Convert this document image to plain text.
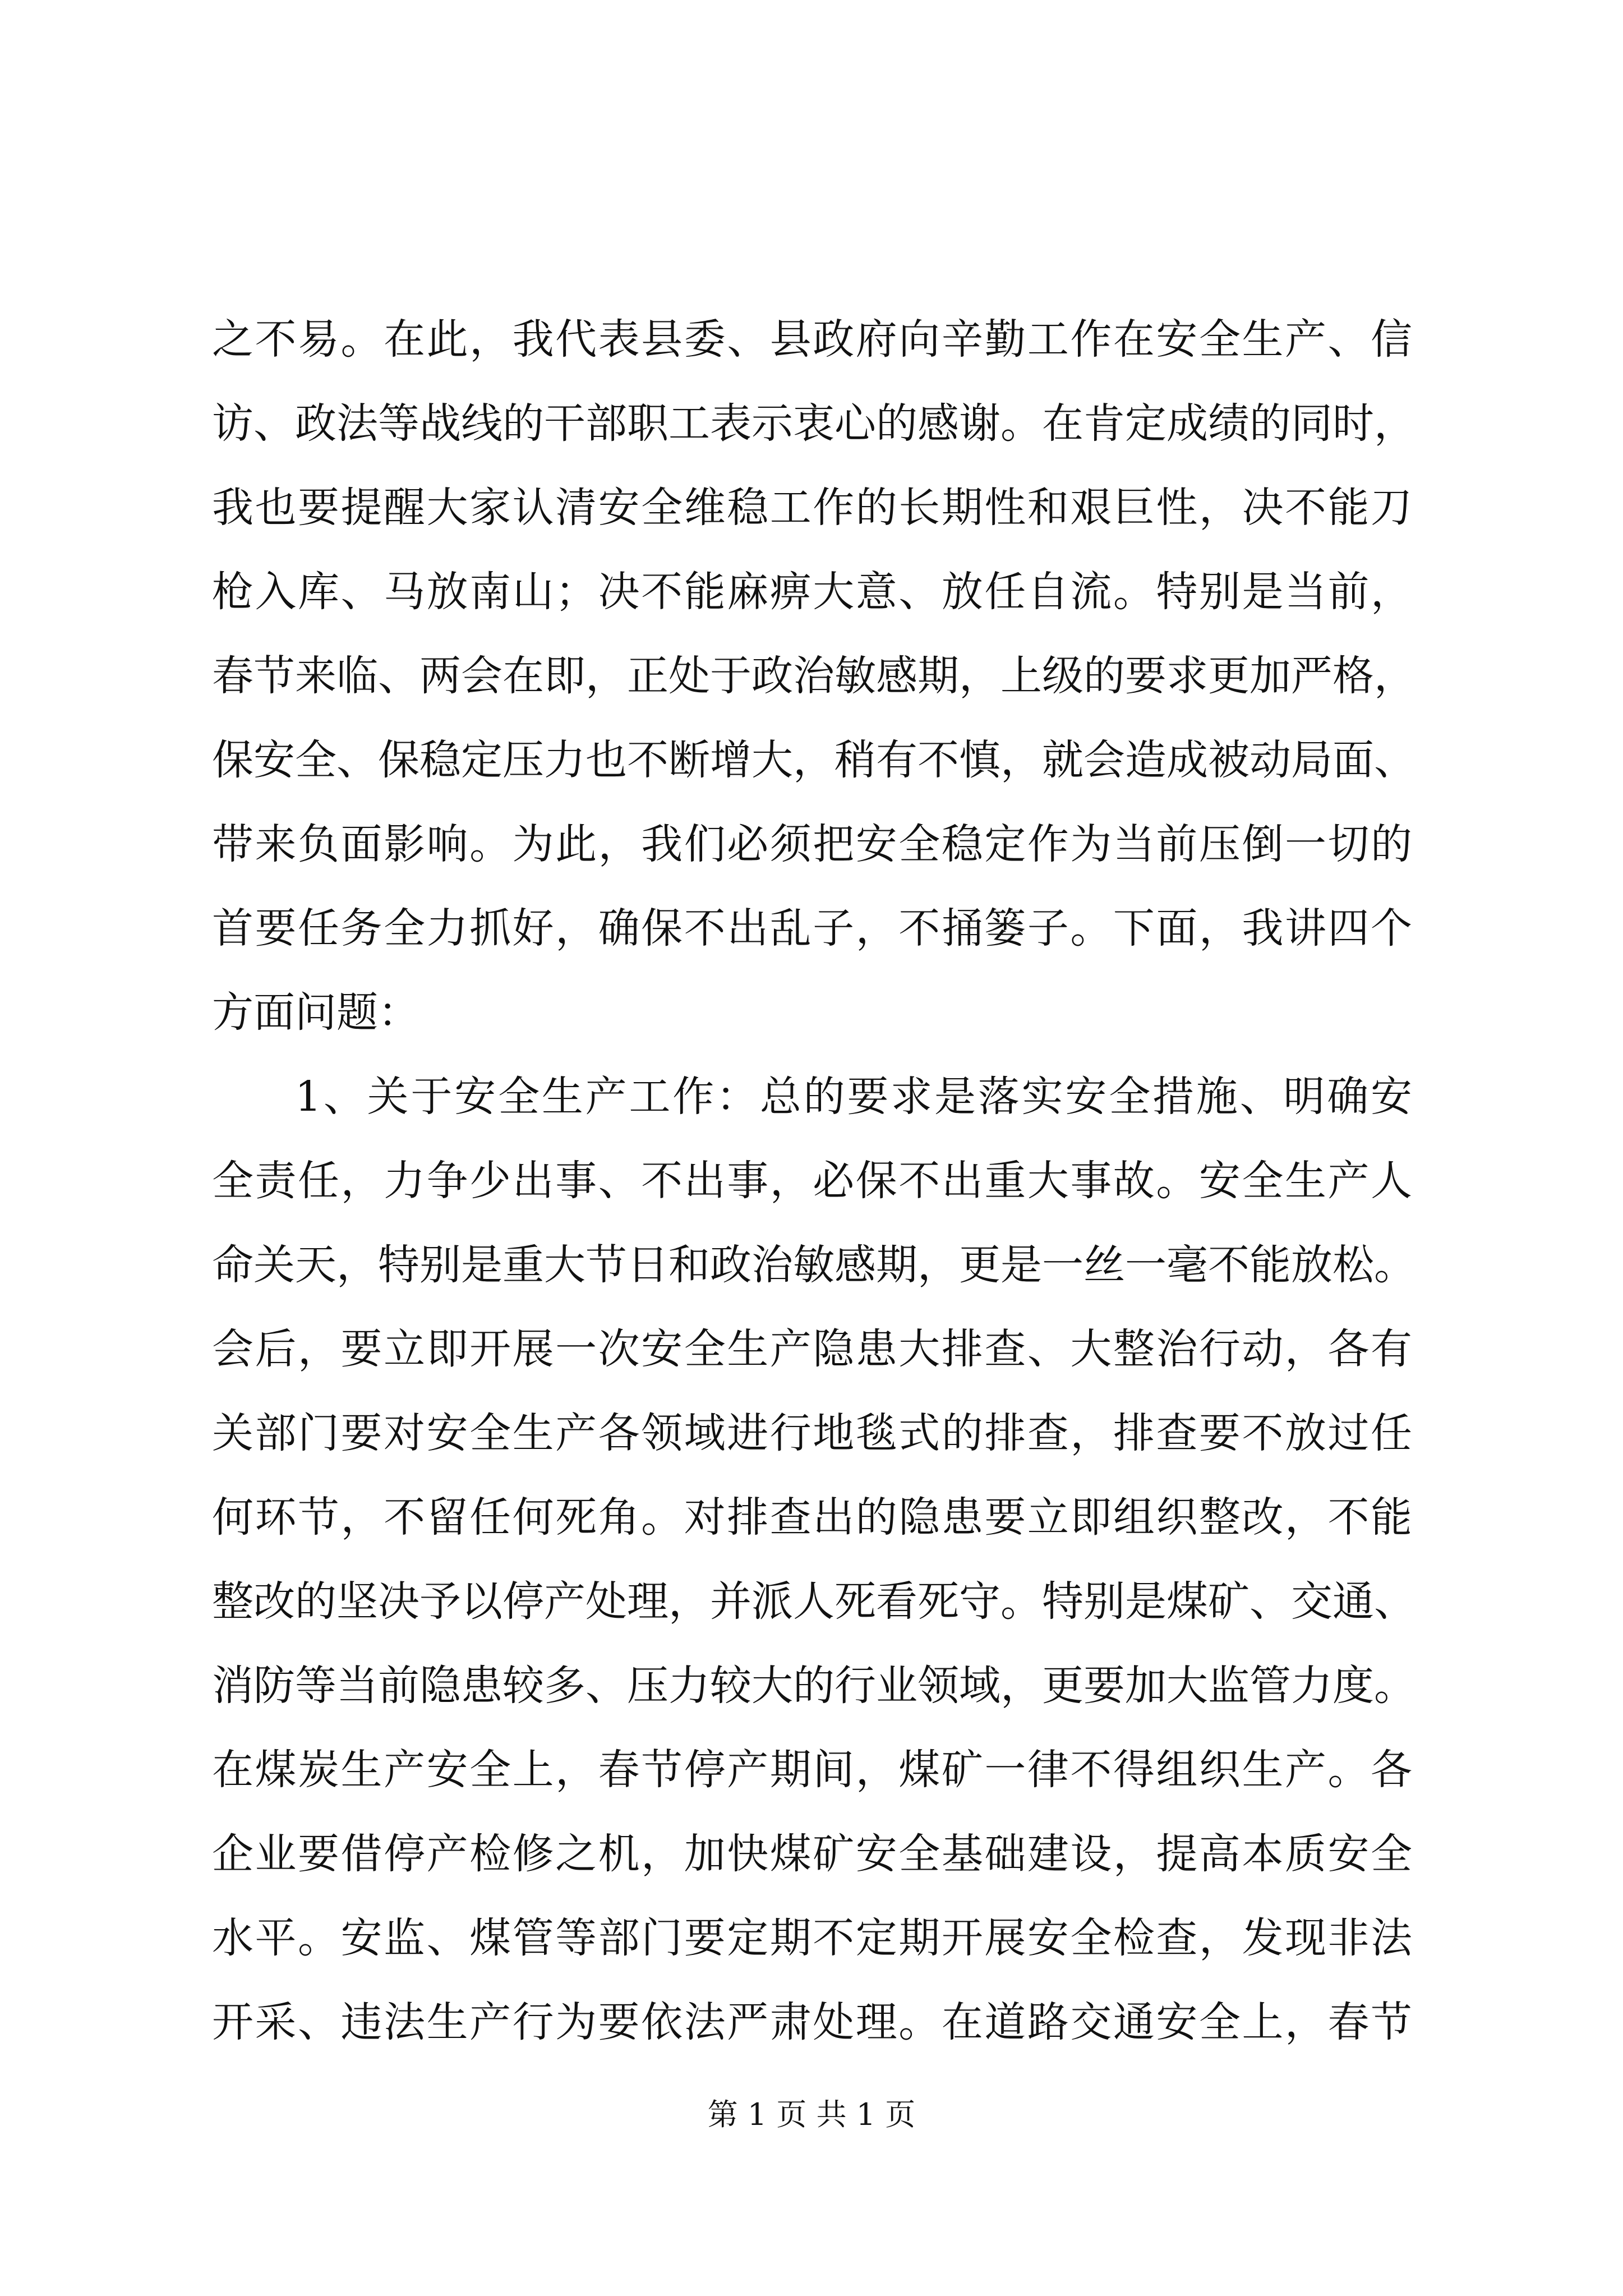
之不易。在此，我代表县委、县政府向辛勤工作在安全生产、信
访、政法等战线的干部职工表示衷心的感谢。在肯定成绩的同时，
我也要提醒大家认清安全维稳工作的长期性和艰巨性，决不能刀
枪入库、马放南山；决不能麻痹大意、放任自流。特别是当前，
春节来临、两会在即，正处于政治敏感期，上级的要求更加严格，
保安全、保稳定压力也不断增大，稍有不慎，就会造成被动局面、
带来负面影响。为此，我们必须把安全稳定作为当前压倒一切的
首要任务全力抓好，确保不出乱子，不捅篓子。下面，我讲四个
方面问题：
1、关于安全生产工作：总的要求是落实安全措施、明确安
全责任，力争少出事、不出事，必保不出重大事故。安全生产人
命关天，特别是重大节日和政治敏感期，更是一丝一毫不能放松。
会后，要立即开展一次安全生产隐患大排查、大整治行动，各有
关部门要对安全生产各领域进行地毯式的排查，排查要不放过任
何环节，不留任何死角。对排查出的隐患要立即组织整改，不能
整改的坚决予以停产处理，并派人死看死守。特别是煤矿、交通、
消防等当前隐患较多、压力较大的行业领域，更要加大监管力度。
在煤炭生产安全上，春节停产期间，煤矿一律不得组织生产。各
企业要借停产检修之机，加快煤矿安全基础建设，提高本质安全
水平。安监、煤管等部门要定期不定期开展安全检查，发现非法
开采、违法生产行为要依法严肃处理。在道路交通安全上，春节
第 1 页 共 1 页
